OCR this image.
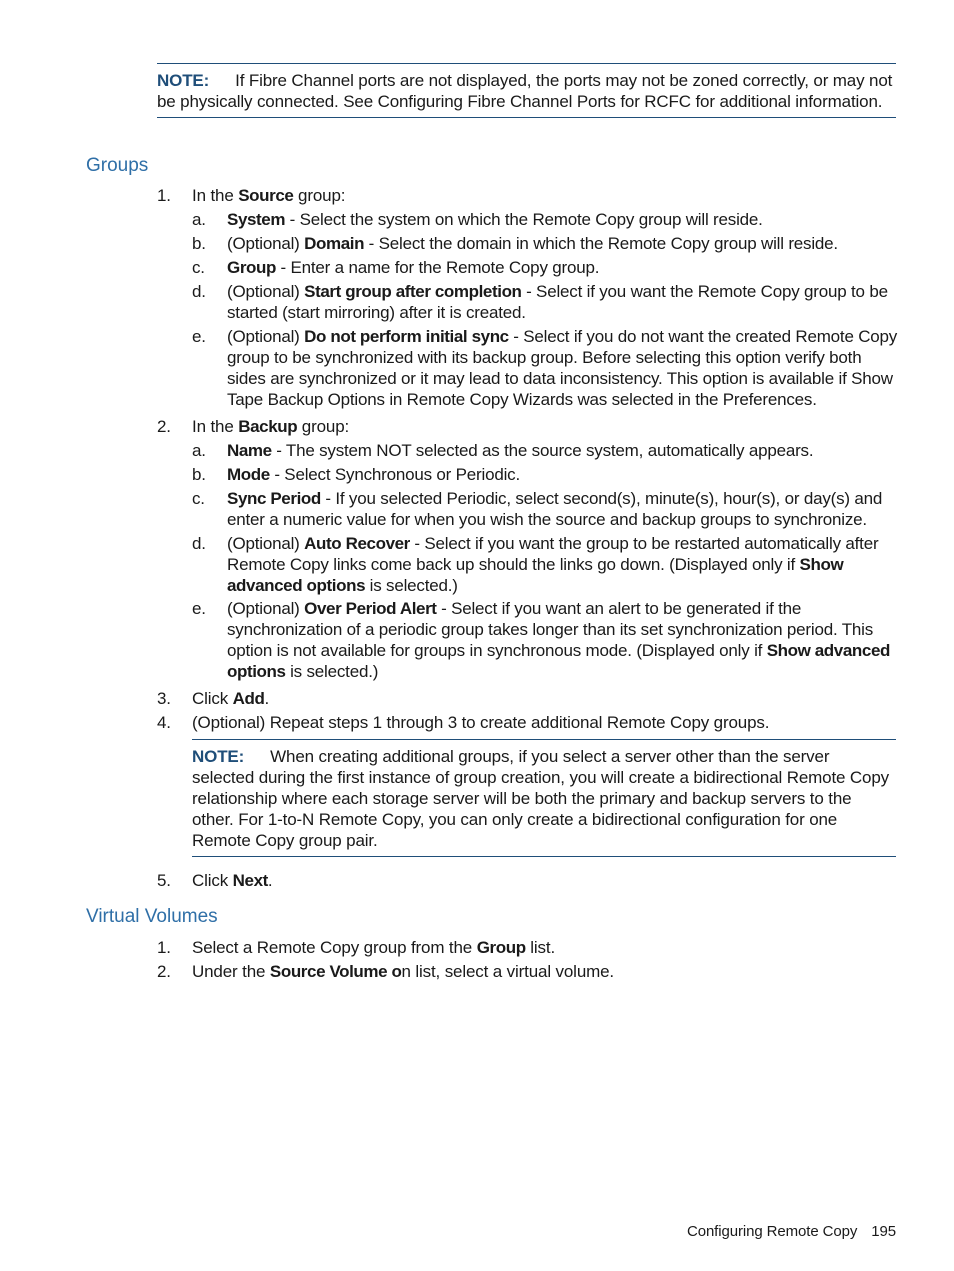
NOTE: If Fibre Channel ports are not displayed, the ports may not be zoned correctly, or may not be physically connected. See Configuring Fibre Channel Ports for RCFC for additional information.
Groups
1. In the Source group:
a. System - Select the system on which the Remote Copy group will reside.
b. (Optional) Domain - Select the domain in which the Remote Copy group will reside.
c. Group - Enter a name for the Remote Copy group.
d. (Optional) Start group after completion - Select if you want the Remote Copy group to be started (start mirroring) after it is created.
e. (Optional) Do not perform initial sync - Select if you do not want the created Remote Copy group to be synchronized with its backup group. Before selecting this option verify both sides are synchronized or it may lead to data inconsistency. This option is available if Show Tape Backup Options in Remote Copy Wizards was selected in the Preferences.
2. In the Backup group:
a. Name - The system NOT selected as the source system, automatically appears.
b. Mode - Select Synchronous or Periodic.
c. Sync Period - If you selected Periodic, select second(s), minute(s), hour(s), or day(s) and enter a numeric value for when you wish the source and backup groups to synchronize.
d. (Optional) Auto Recover - Select if you want the group to be restarted automatically after Remote Copy links come back up should the links go down. (Displayed only if Show advanced options is selected.)
e. (Optional) Over Period Alert - Select if you want an alert to be generated if the synchronization of a periodic group takes longer than its set synchronization period. This option is not available for groups in synchronous mode. (Displayed only if Show advanced options is selected.)
3. Click Add.
4. (Optional) Repeat steps 1 through 3 to create additional Remote Copy groups.
NOTE: When creating additional groups, if you select a server other than the server selected during the first instance of group creation, you will create a bidirectional Remote Copy relationship where each storage server will be both the primary and backup servers to the other. For 1-to-N Remote Copy, you can only create a bidirectional configuration for one Remote Copy group pair.
5. Click Next.
Virtual Volumes
1. Select a Remote Copy group from the Group list.
2. Under the Source Volume on list, select a virtual volume.
Configuring Remote Copy 195
